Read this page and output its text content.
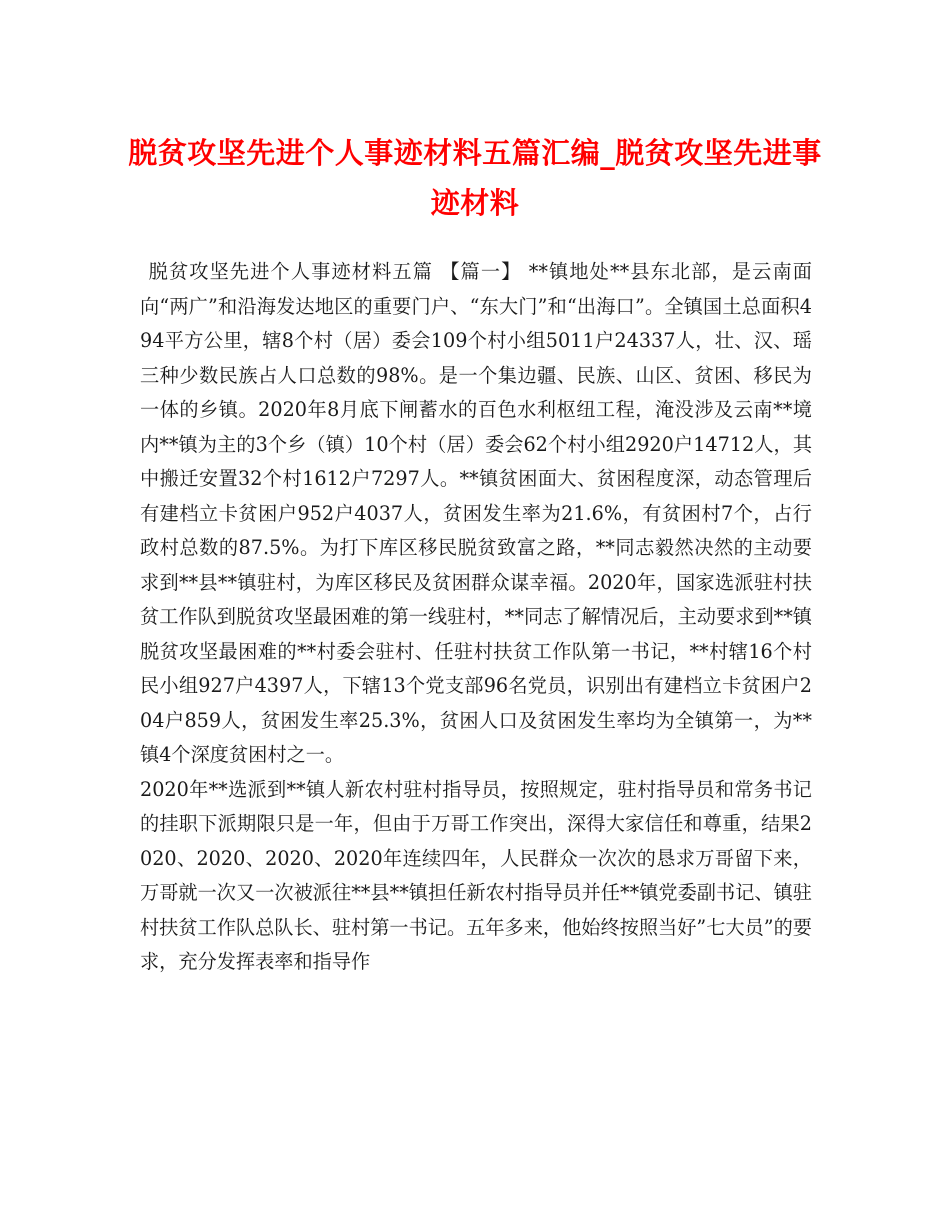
脱贫攻坚先进个人事迹材料五篇汇编_脱贫攻坚先进事迹材料

脱贫攻坚先进个人事迹材料五篇 【篇一】 **镇地处**县东北部，是云南面向“两广”和沿海发达地区的重要门户、“东大门”和“出海口”。全镇国土总面积494平方公里，辖8个村（居）委会109个村小组5011户24337人，壮、汉、瑶三种少数民族占人口总数的98%。是一个集边疆、民族、山区、贫困、移民为一体的乡镇。2020年8月底下闸蓄水的百色水利枢纽工程，淹没涉及云南**境内**镇为主的3个乡（镇）10个村（居）委会62个村小组2920户14712人，其中搬迁安置32个村1612户7297人。**镇贫困面大、贫困程度深，动态管理后有建档立卡贫困户952户4037人，贫困发生率为21.6%，有贫困村7个，占行政村总数的87.5%。为打下库区移民脱贫致富之路，**同志毅然决然的主动要求到**县**镇驻村，为库区移民及贫困群众谋幸福。2020年，国家选派驻村扶贫工作队到脱贫攻坚最困难的第一线驻村，**同志了解情况后，主动要求到**镇脱贫攻坚最困难的**村委会驻村、任驻村扶贫工作队第一书记，**村辖16个村民小组927户4397人，下辖13个党支部96名党员，识别出有建档立卡贫困户204户859人，贫困发生率25.3%，贫困人口及贫困发生率均为全镇第一，为**镇4个深度贫困村之一。

2020年**选派到**镇人新农村驻村指导员，按照规定，驻村指导员和常务书记的挂职下派期限只是一年，但由于万哥工作突出，深得大家信任和尊重，结果2020、2020、2020、2020年连续四年，人民群众一次次的恳求万哥留下来，万哥就一次又一次被派往**县**镇担任新农村指导员并任**镇党委副书记、镇驻村扶贫工作队总队长、驻村第一书记。五年多来，他始终按照当好”七大员”的要求，充分发挥表率和指导作
